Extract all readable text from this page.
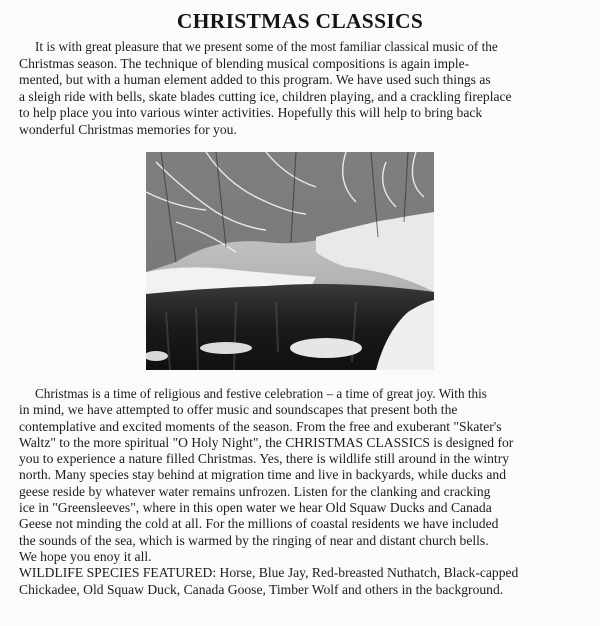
CHRISTMAS CLASSICS
It is with great pleasure that we present some of the most familiar classical music of the
Christmas season. The technique of blending musical compositions is again imple-
mented, but with a human element added to this program. We have used such things as
a sleigh ride with bells, skate blades cutting ice, children playing, and a crackling fireplace
to help place you into various winter activities. Hopefully this will help to bring back
wonderful Christmas memories for you.
Christmas is a time of religious and festive celebration – a time of great joy. With this
in mind, we have attempted to offer music and soundscapes that present both the
contemplative and excited moments of the season. From the free and exuberant "Skater's
Waltz" to the more spiritual "O Holy Night", the CHRISTMAS CLASSICS is designed for
you to experience a nature filled Christmas. Yes, there is wildlife still around in the wintry
north. Many species stay behind at migration time and live in backyards, while ducks and
geese reside by whatever water remains unfrozen. Listen for the clanking and cracking
ice in "Greensleeves", where in this open water we hear Old Squaw Ducks and Canada
Geese not minding the cold at all. For the millions of coastal residents we have included
the sounds of the sea, which is warmed by the ringing of near and distant church bells.
We hope you enoy it all.
WILDLIFE SPECIES FEATURED: Horse, Blue Jay, Red-breasted Nuthatch, Black-capped
Chickadee, Old Squaw Duck, Canada Goose, Timber Wolf and others in the background.
